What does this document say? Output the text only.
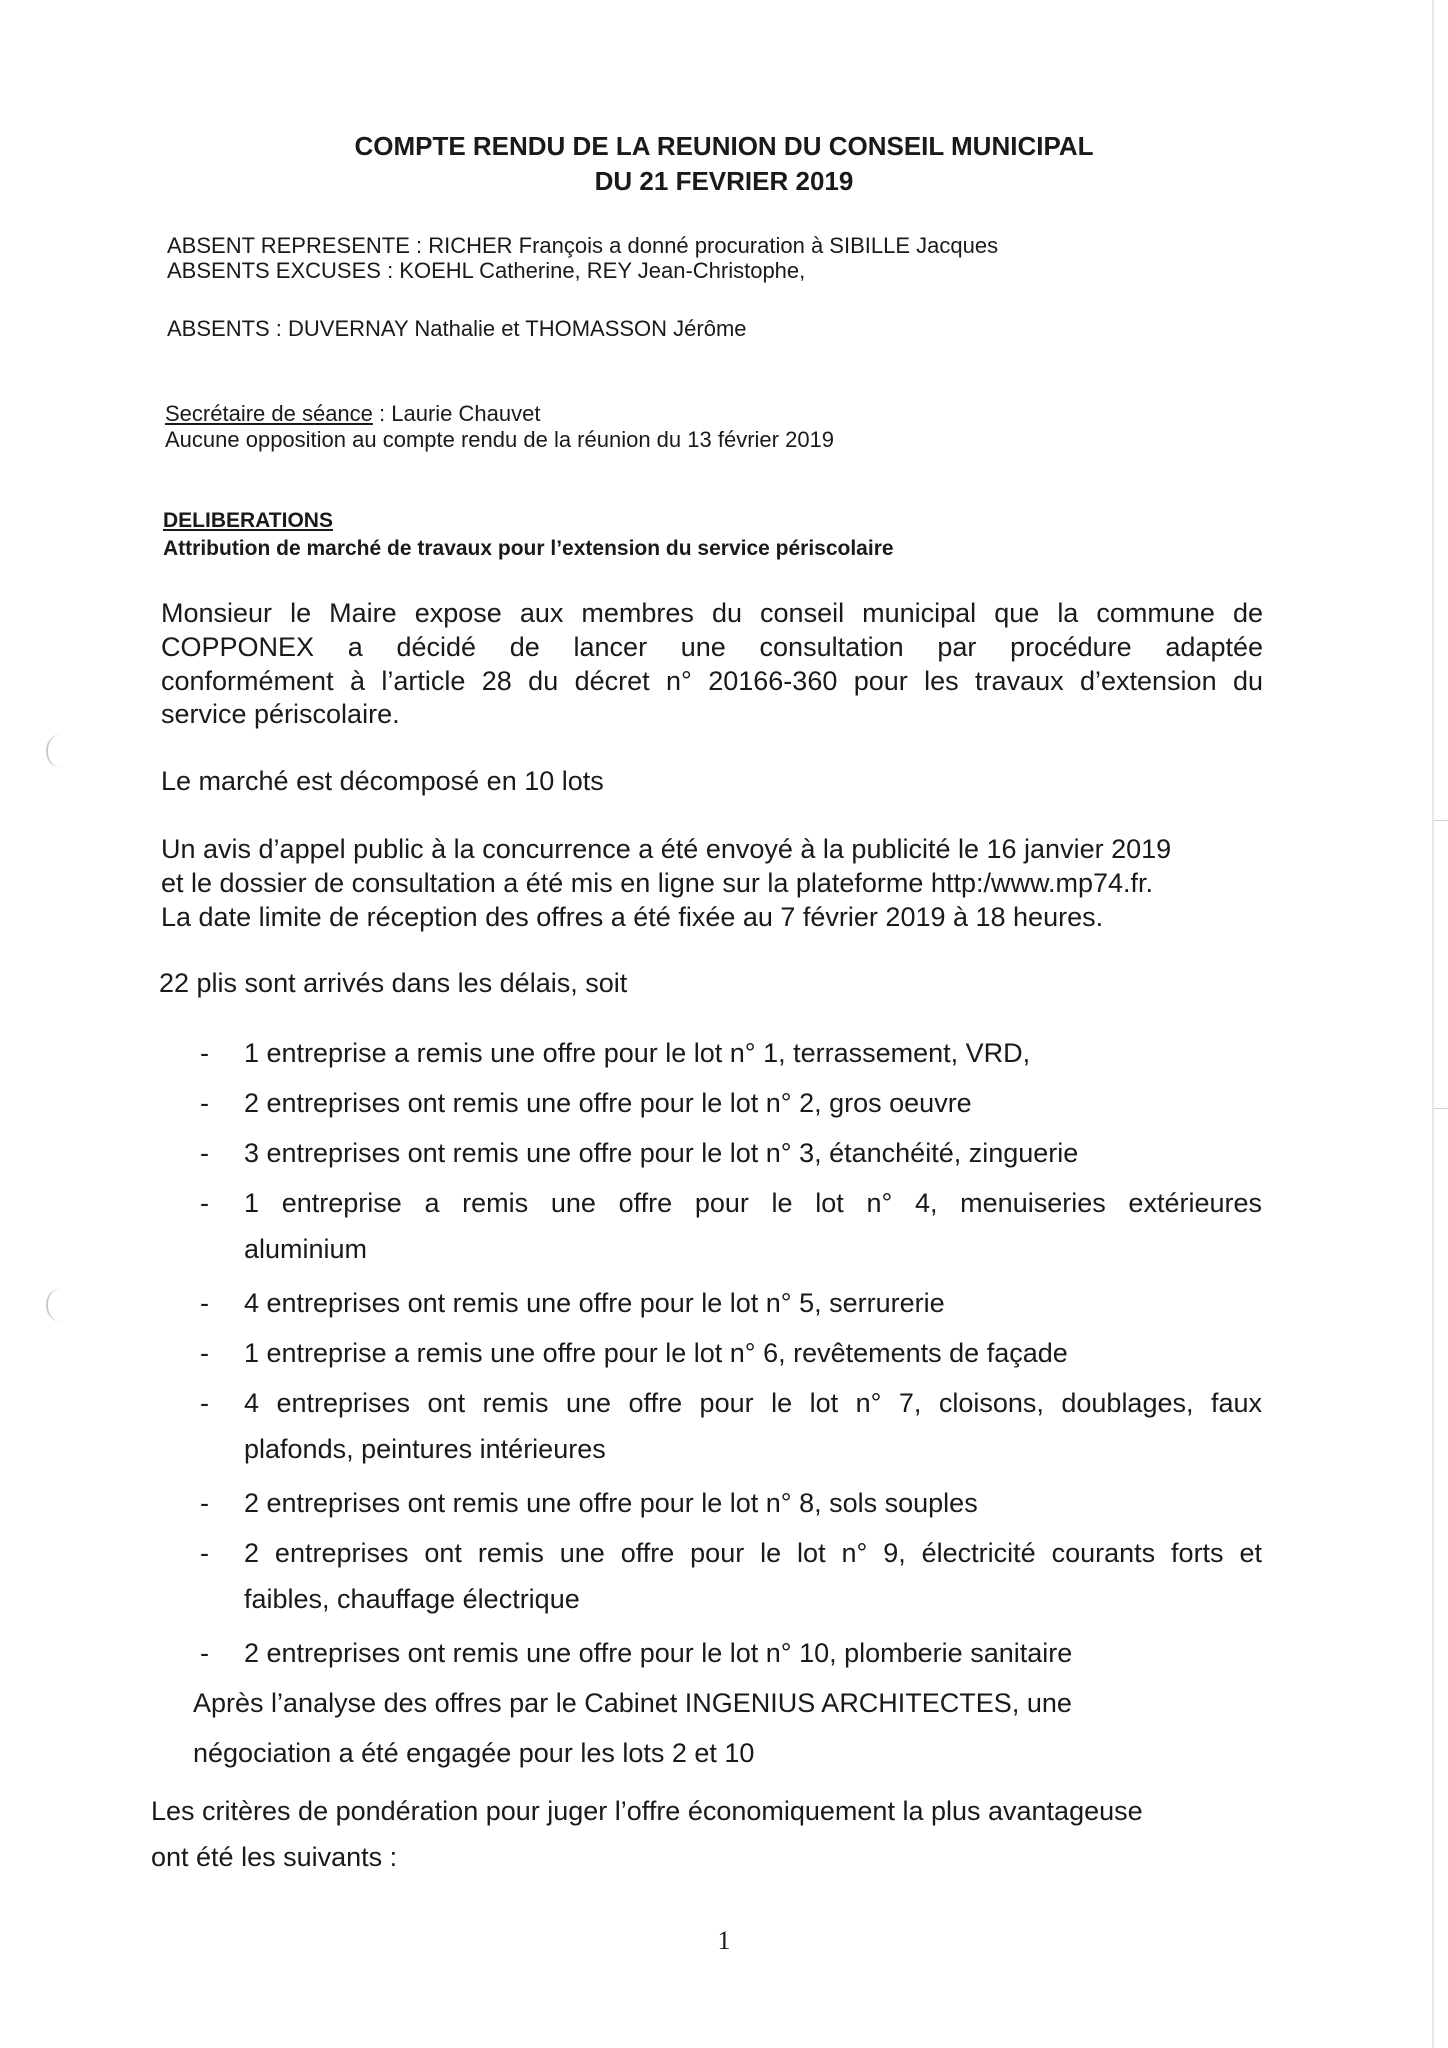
COMPTE RENDU DE LA REUNION DU CONSEIL MUNICIPAL
DU 21 FEVRIER 2019

ABSENT REPRESENTE : RICHER François a donné procuration à SIBILLE Jacques

ABSENTS EXCUSES : KOEHL Catherine, REY Jean-Christophe,

ABSENTS : DUVERNAY Nathalie et THOMASSON Jérôme

Secrétaire de séance : Laurie Chauvet

Aucune opposition au compte rendu de la réunion du 13 février 2019

DELIBERATIONS

Attribution de marché de travaux pour l’extension du service périscolaire

Monsieur le Maire expose aux membres du conseil municipal que la commune de

COPPONEX a décidé de lancer une consultation par procédure adaptée

conformément à l’article 28 du décret n° 20166-360 pour les travaux d’extension du

service périscolaire.

Le marché est décomposé en 10 lots

Un avis d’appel public à la concurrence a été envoyé à la publicité le 16 janvier 2019

et le dossier de consultation a été mis en ligne sur la plateforme http:/www.mp74.fr.

La date limite de réception des offres a été fixée au 7 février 2019 à 18 heures.

22 plis sont arrivés dans les délais, soit

- 1 entreprise a remis une offre pour le lot n° 1, terrassement, VRD,

- 2 entreprises ont remis une offre pour le lot n° 2, gros oeuvre

- 3 entreprises ont remis une offre pour le lot n° 3, étanchéité, zinguerie

- 1 entreprise a remis une offre pour le lot n° 4, menuiseries extérieures

aluminium

- 4 entreprises ont remis une offre pour le lot n° 5, serrurerie

- 1 entreprise a remis une offre pour le lot n° 6, revêtements de façade

- 4 entreprises ont remis une offre pour le lot n° 7, cloisons, doublages, faux

plafonds, peintures intérieures

- 2 entreprises ont remis une offre pour le lot n° 8, sols souples

- 2 entreprises ont remis une offre pour le lot n° 9, électricité courants forts et

faibles, chauffage électrique

- 2 entreprises ont remis une offre pour le lot n° 10, plomberie sanitaire

Après l’analyse des offres par le Cabinet INGENIUS ARCHITECTES, une

négociation a été engagée pour les lots 2 et 10

Les critères de pondération pour juger l’offre économiquement la plus avantageuse

ont été les suivants :

1
